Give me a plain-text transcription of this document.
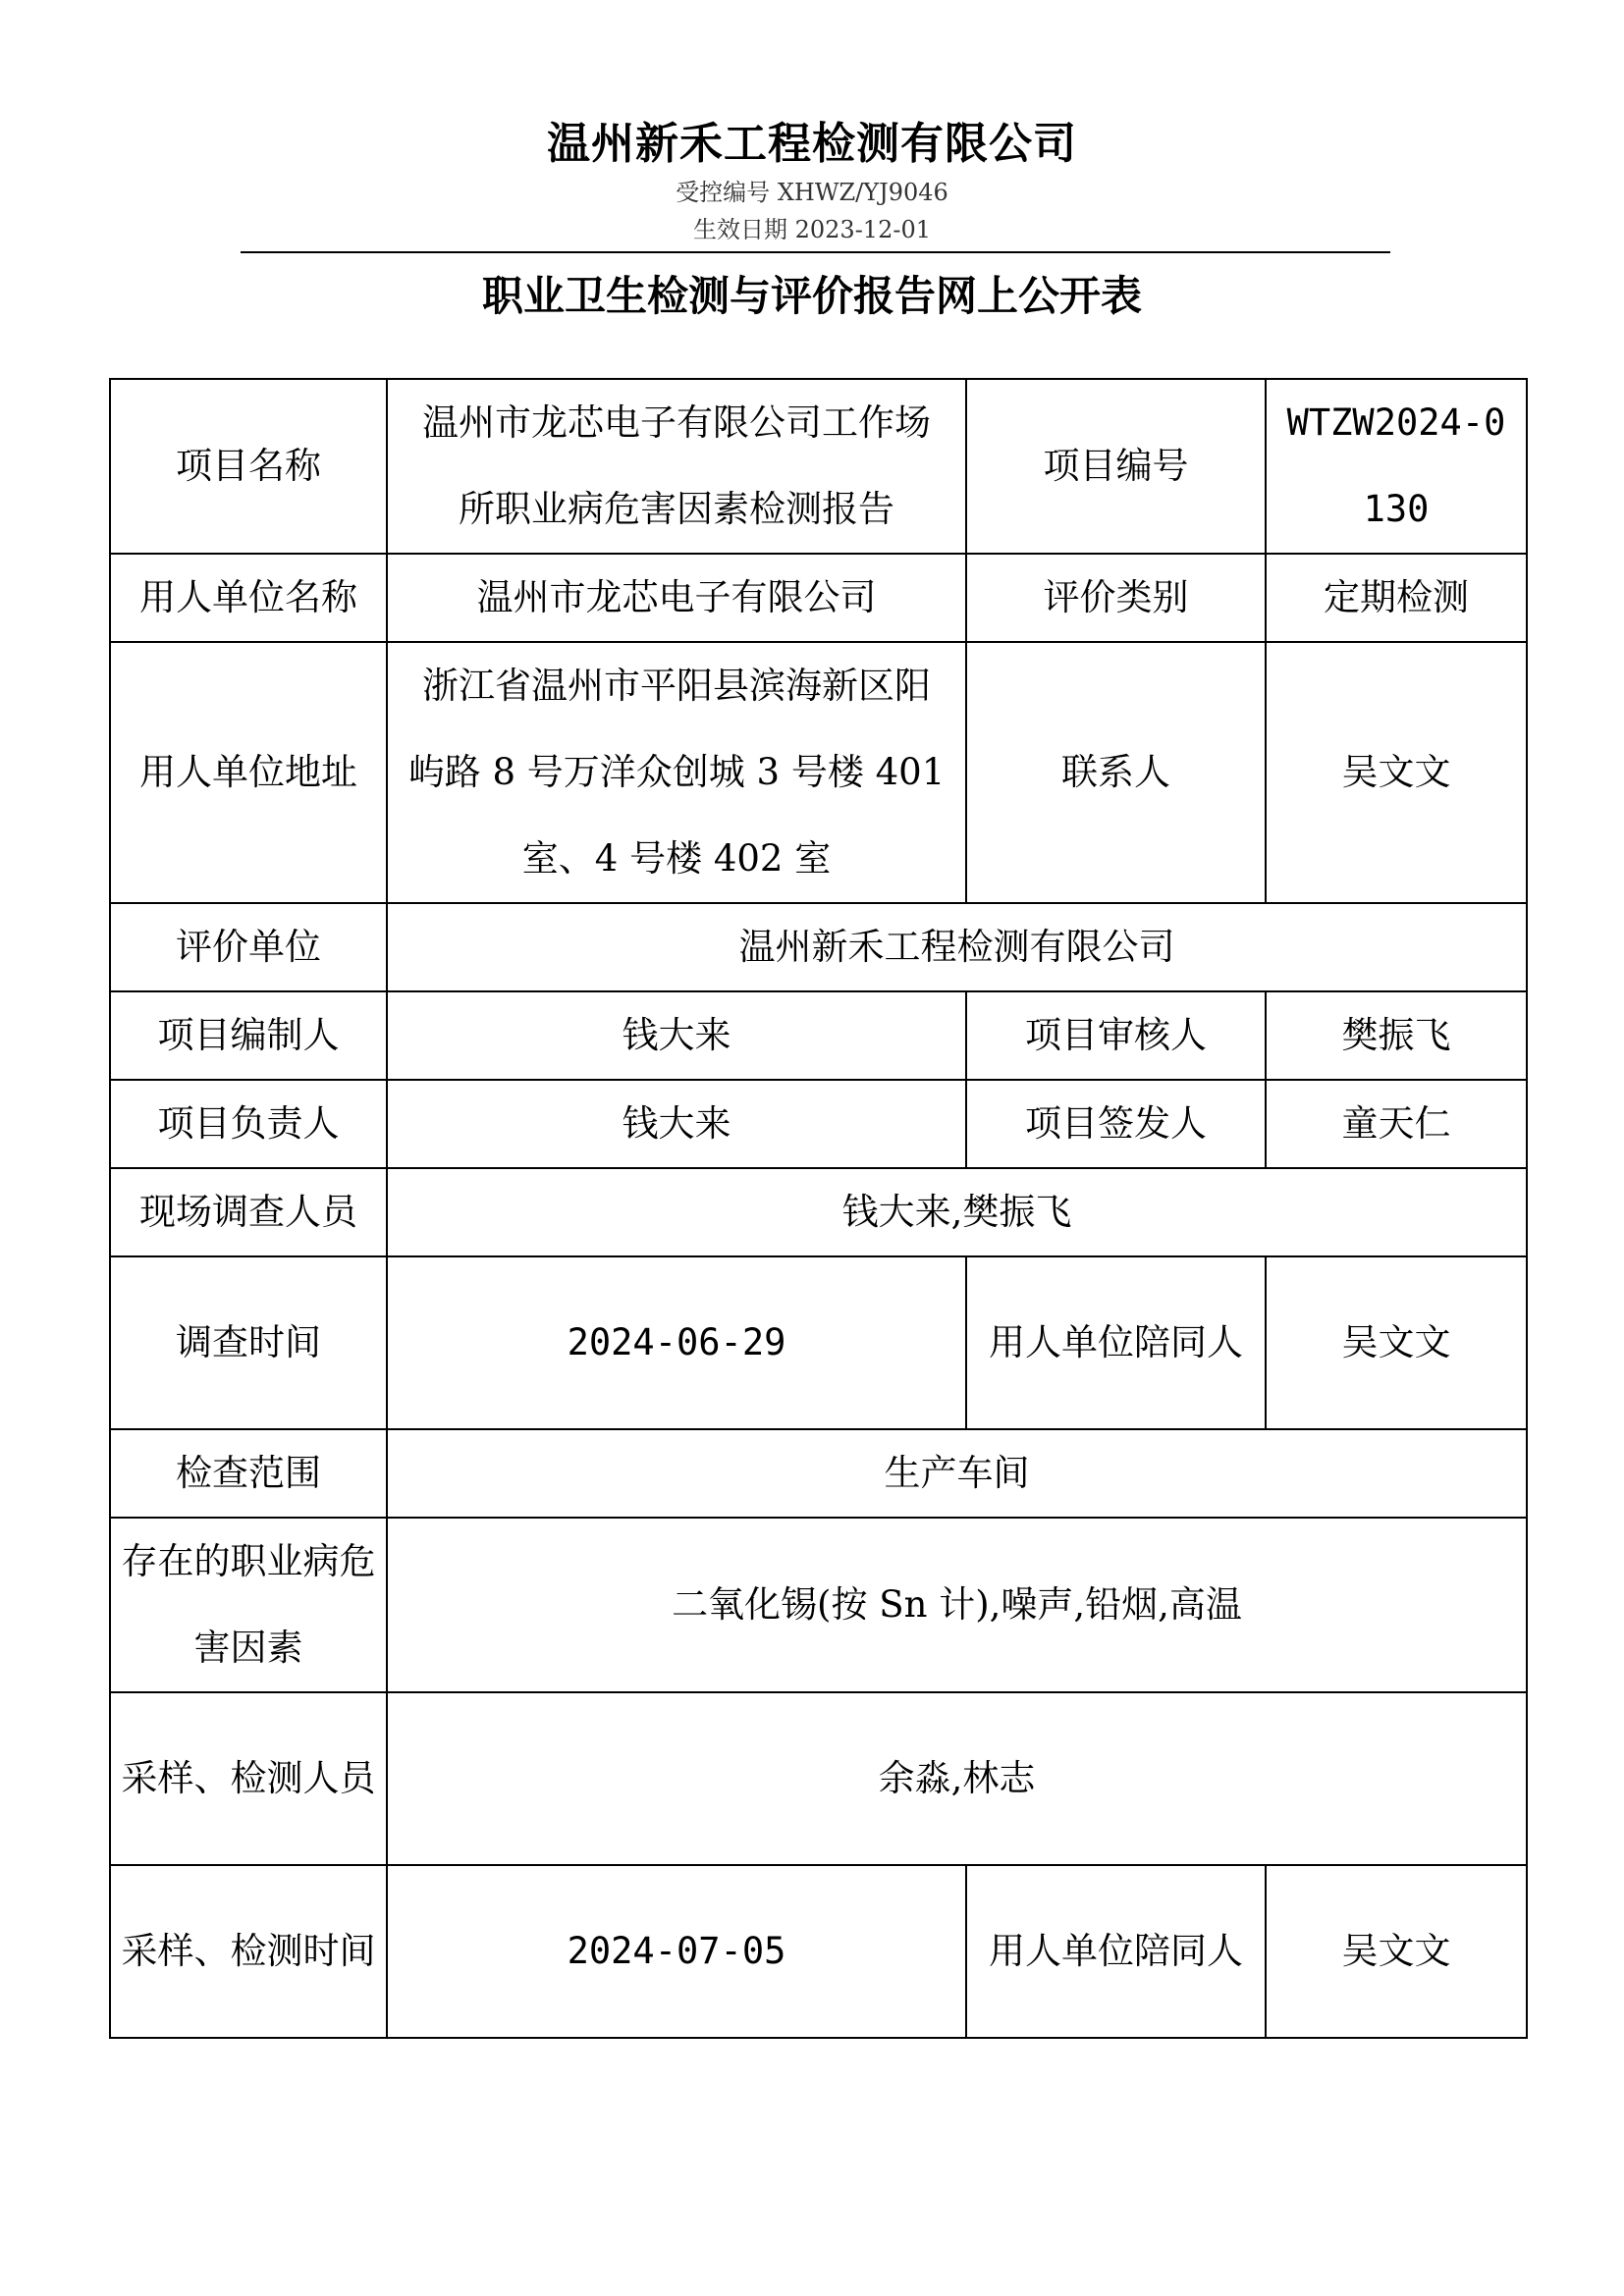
温州新禾工程检测有限公司
受控编号 XHWZ/YJ9046
生效日期 2023-12-01
职业卫生检测与评价报告网上公开表
项目名称	温州市龙芯电子有限公司工作场所职业病危害因素检测报告	项目编号	WTZW2024-0130
用人单位名称	温州市龙芯电子有限公司	评价类别	定期检测
用人单位地址	浙江省温州市平阳县滨海新区阳屿路 8 号万洋众创城 3 号楼 401 室、4 号楼 402 室	联系人	吴文文
评价单位	温州新禾工程检测有限公司		
项目编制人	钱大来	项目审核人	樊振飞
项目负责人	钱大来	项目签发人	童天仁
现场调查人员	钱大来,樊振飞		
调查时间	2024-06-29	用人单位陪同人	吴文文
检查范围	生产车间		
存在的职业病危害因素	二氧化锡(按 Sn 计),噪声,铅烟,高温		
采样、检测人员	余淼,林志		
采样、检测时间	2024-07-05	用人单位陪同人	吴文文
